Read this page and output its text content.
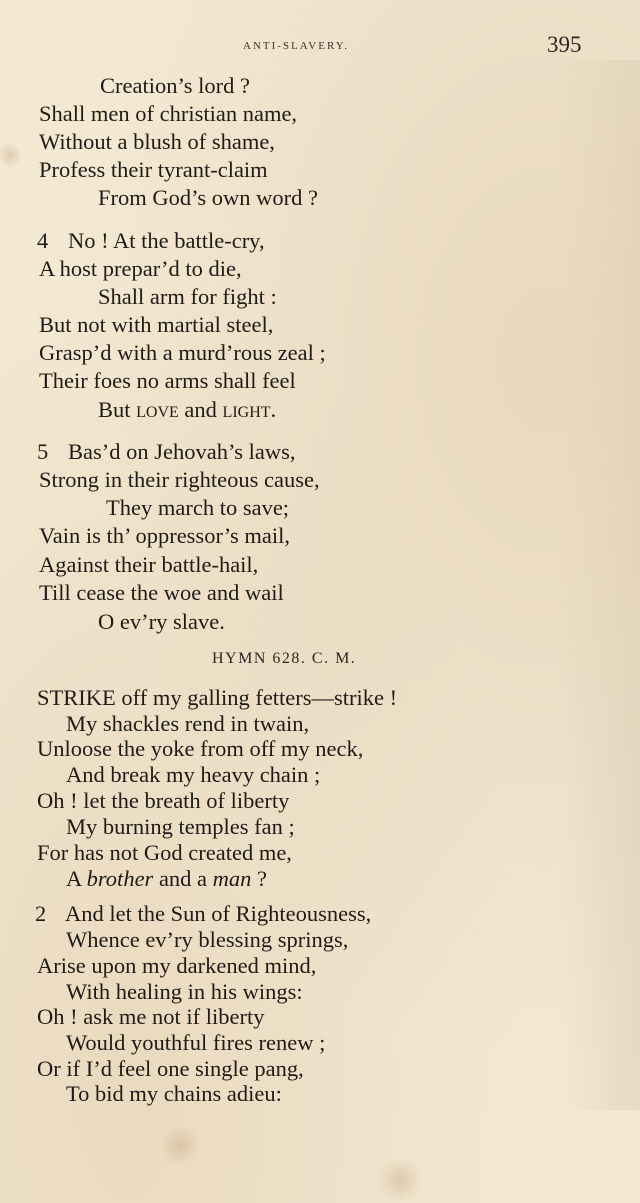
ANTI-SLAVERY.	395
Creation’s lord ?
Shall men of christian name,
Without a blush of shame,
Profess their tyrant-claim
From God’s own word ?
4 No ! At the battle-cry,
A host prepar’d to die,
Shall arm for fight :
But not with martial steel,
Grasp’d with a murd’rous zeal ;
Their foes no arms shall feel
But love and light.
5 Bas’d on Jehovah’s laws,
Strong in their righteous cause,
They march to save;
Vain is th’ oppressor’s mail,
Against their battle-hail,
Till cease the woe and wail
O ev’ry slave.
HYMN 628. C. M.
STRIKE off my galling fetters—strike !
My shackles rend in twain,
Unloose the yoke from off my neck,
And break my heavy chain ;
Oh ! let the breath of liberty
My burning temples fan ;
For has not God created me,
A brother and a man ?
2 And let the Sun of Righteousness,
Whence ev’ry blessing springs,
Arise upon my darkened mind,
With healing in his wings:
Oh ! ask me not if liberty
Would youthful fires renew ;
Or if I’d feel one single pang,
To bid my chains adieu:
